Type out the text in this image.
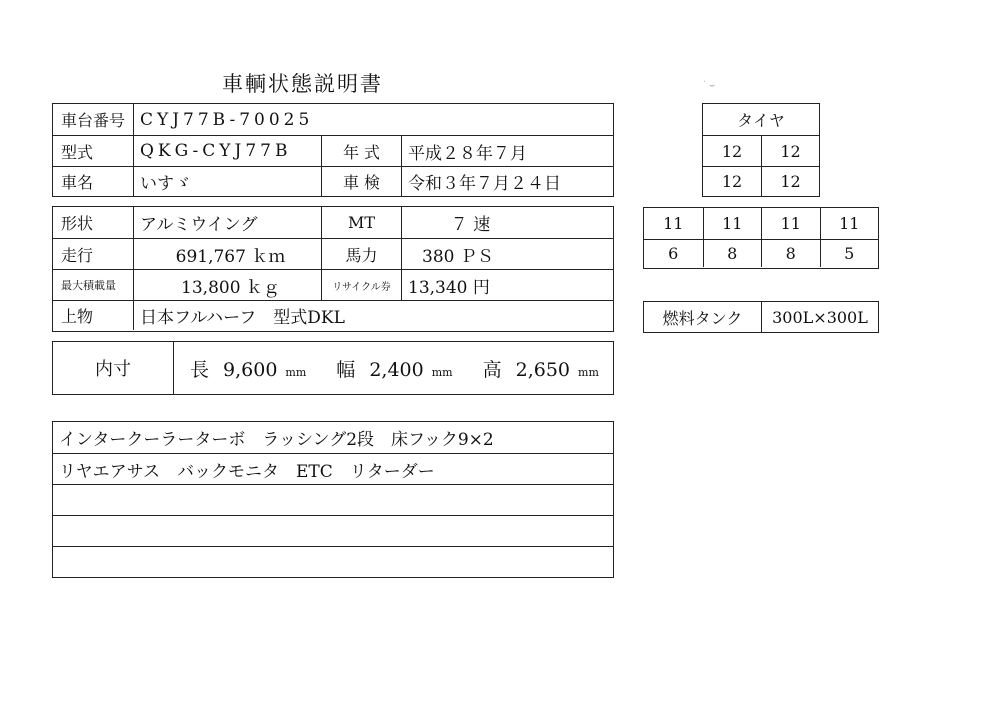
車輌状態説明書	ᐝ ⌣
車台番号 CYJ77B-70025
型式	QKG-CYJ77B	年 式	平成２８年７月
車名	いすゞ	車 検	令和３年７月２４日
形状	アルミウイング	MT	７ 速
走行	691,767 ｋｍ	馬力	380 ＰＳ
最大積載量	13,800 ｋｇ	リサイクル券	13,340 円
上物	日本フルハーフ　型式DKL
内寸	長 9,600 mm 幅 2,400 mm 高 2,650 mm
インタークーラーターボ　ラッシング2段　床フック9×2
リヤエアサス　バックモニタ　ETC　リターダー
タイヤ
12	12
12	12
11	11	11	11
6	8	8	5
燃料タンク	300L×300L
